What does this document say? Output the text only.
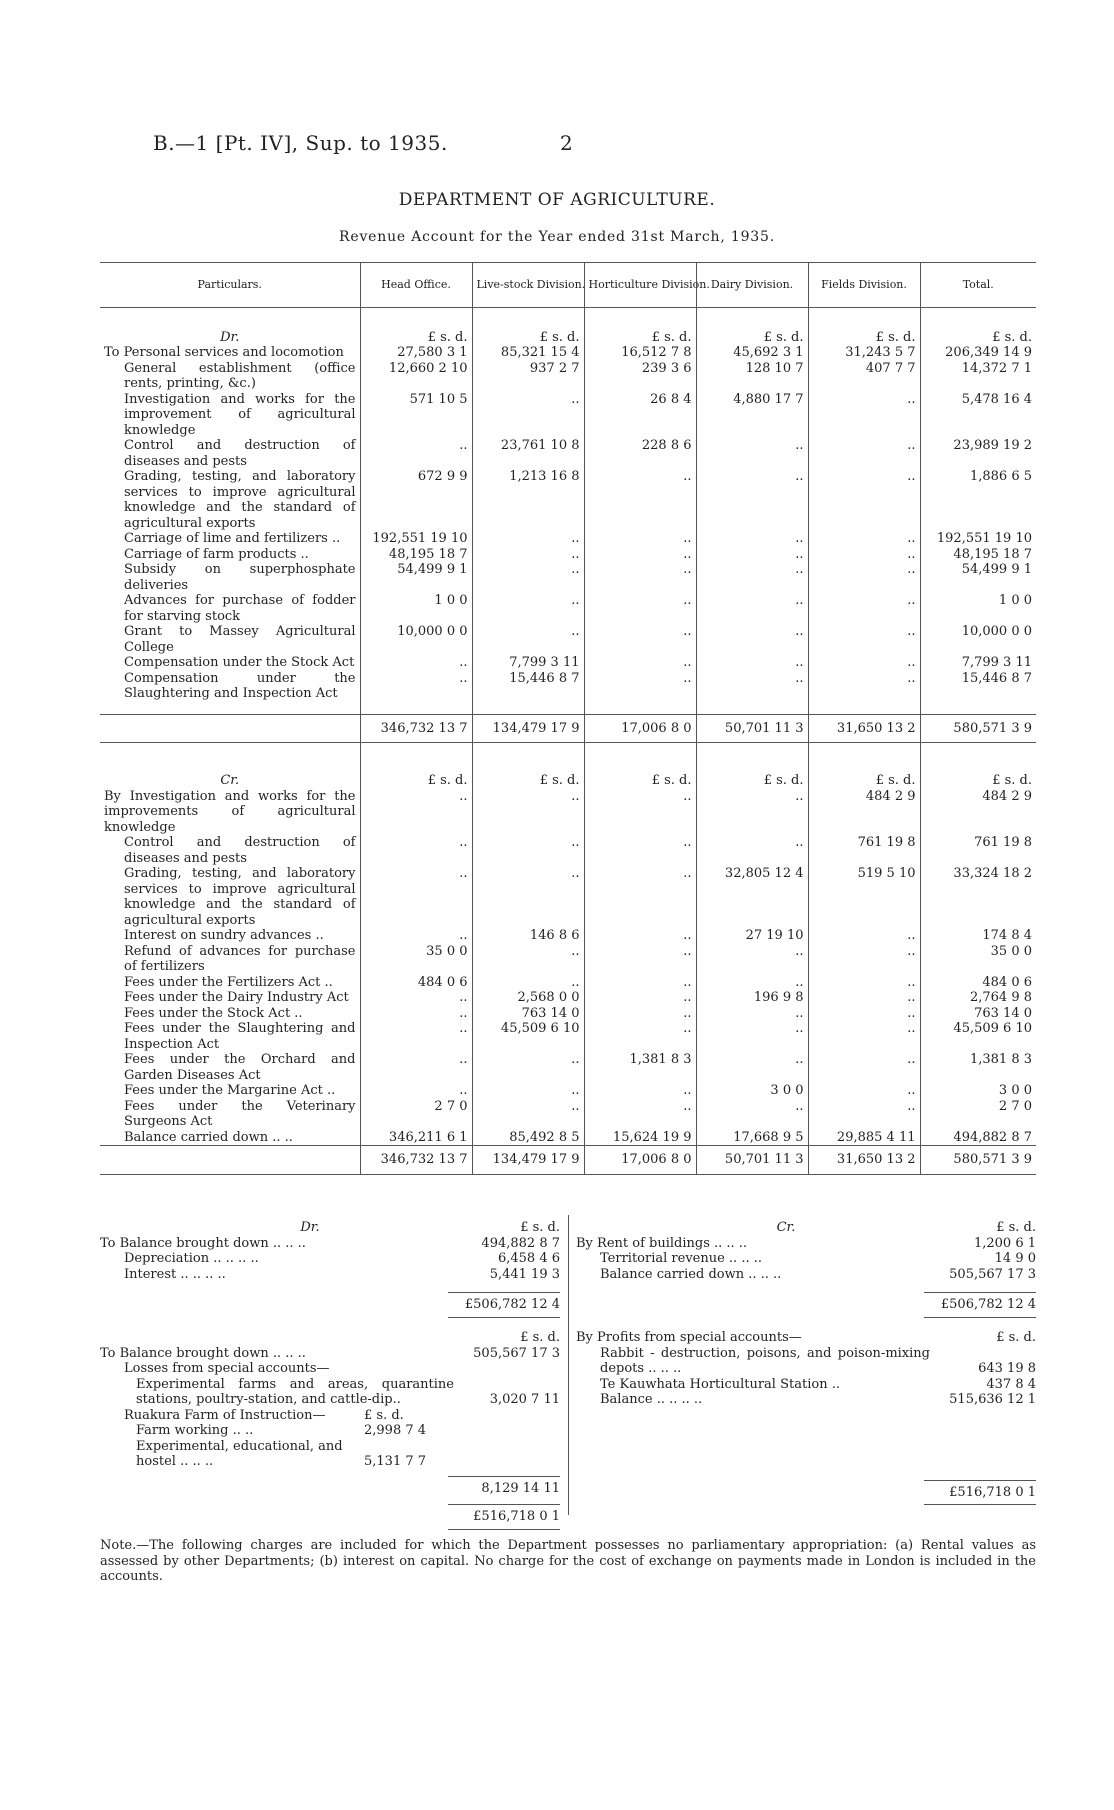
B.—1 [Pt. IV], Sup. to 1935.	2
DEPARTMENT OF AGRICULTURE.
Revenue Account for the Year ended 31st March, 1935.
Particulars.	Head Office.	Live-stock Division.	Horticulture Division.	Dairy Division.	Fields Division.	Total.

Dr.	£ s. d.	£ s. d.	£ s. d.	£ s. d.	£ s. d.	£ s. d.
To Personal services and locomotion	27,580 3 1	85,321 15 4	16,512 7 8	45,692 3 1	31,243 5 7	206,349 14 9
General establishment (office rents, printing, &c.)	12,660 2 10	937 2 7	239 3 6	128 10 7	407 7 7	14,372 7 1
Investigation and works for the improvement of agricultural knowledge	571 10 5	..	26 8 4	4,880 17 7	..	5,478 16 4
Control and destruction of diseases and pests	..	23,761 10 8	228 8 6	..	..	23,989 19 2
Grading, testing, and laboratory services to improve agricultural knowledge and the standard of agricultural exports	672 9 9	1,213 16 8	..	..	..	1,886 6 5
Carriage of lime and fertilizers ..	192,551 19 10	..	..	..	..	192,551 19 10
Carriage of farm products ..	48,195 18 7	..	..	..	..	48,195 18 7
Subsidy on superphosphate deliveries	54,499 9 1	..	..	..	..	54,499 9 1
Advances for purchase of fodder for starving stock	1 0 0	..	..	..	..	1 0 0
Grant to Massey Agricultural College	10,000 0 0	..	..	..	..	10,000 0 0
Compensation under the Stock Act	..	7,799 3 11	..	..	..	7,799 3 11
Compensation under the Slaughtering and Inspection Act	..	15,446 8 7	..	..	..	15,446 8 7

	346,732 13 7	134,479 17 9	17,006 8 0	50,701 11 3	31,650 13 2	580,571 3 9

Cr.	£ s. d.	£ s. d.	£ s. d.	£ s. d.	£ s. d.	£ s. d.
By Investigation and works for the improvements of agricultural knowledge	..	..	..	..	484 2 9	484 2 9
Control and destruction of diseases and pests	..	..	..	..	761 19 8	761 19 8
Grading, testing, and laboratory services to improve agricultural knowledge and the standard of agricultural exports	..	..	..	32,805 12 4	519 5 10	33,324 18 2
Interest on sundry advances ..	..	146 8 6	..	27 19 10	..	174 8 4
Refund of advances for purchase of fertilizers	35 0 0	..	..	..	..	35 0 0
Fees under the Fertilizers Act ..	484 0 6	..	..	..	..	484 0 6
Fees under the Dairy Industry Act	..	2,568 0 0	..	196 9 8	..	2,764 9 8
Fees under the Stock Act ..	..	763 14 0	..	..	..	763 14 0
Fees under the Slaughtering and Inspection Act	..	45,509 6 10	..	..	..	45,509 6 10
Fees under the Orchard and Garden Diseases Act	..	..	1,381 8 3	..	..	1,381 8 3
Fees under the Margarine Act ..	..	..	..	3 0 0	..	3 0 0
Fees under the Veterinary Surgeons Act	2 7 0	..	..	..	..	2 7 0
Balance carried down .. ..	346,211 6 1	85,492 8 5	15,624 19 9	17,668 9 5	29,885 4 11	494,882 8 7
	346,732 13 7	134,479 17 9	17,006 8 0	50,701 11 3	31,650 13 2	580,571 3 9
Dr.	£ s. d.
To Balance brought down .. .. ..	494,882 8 7
Depreciation .. .. .. ..	6,458 4 6
Interest .. .. .. ..	5,441 19 3
£506,782 12 4
Cr.	£ s. d.
By Rent of buildings .. .. ..	1,200 6 1
Territorial revenue .. .. ..	14 9 0
Balance carried down .. .. ..	505,567 17 3
£506,782 12 4
£ s. d.
To Balance brought down .. .. ..	505,567 17 3
Losses from special accounts—
Experimental farms and areas, quarantine stations, poultry-station, and cattle-dip..	3,020 7 11
Ruakura Farm of Instruction—	£ s. d.
Farm working .. ..	2,998 7 4
Experimental, educational, and hostel .. .. ..	5,131 7 7
8,129 14 11
£516,718 0 1
By Profits from special accounts—	£ s. d.
Rabbit - destruction, poisons, and poison-mixing depots .. .. ..	643 19 8
Te Kauwhata Horticultural Station ..	437 8 4
Balance .. .. .. ..	515,636 12 1
£516,718 0 1
Note.—The following charges are included for which the Department possesses no parliamentary appropriation: (a) Rental values as assessed by other Departments; (b) interest on capital. No charge for the cost of exchange on payments made in London is included in the accounts.
